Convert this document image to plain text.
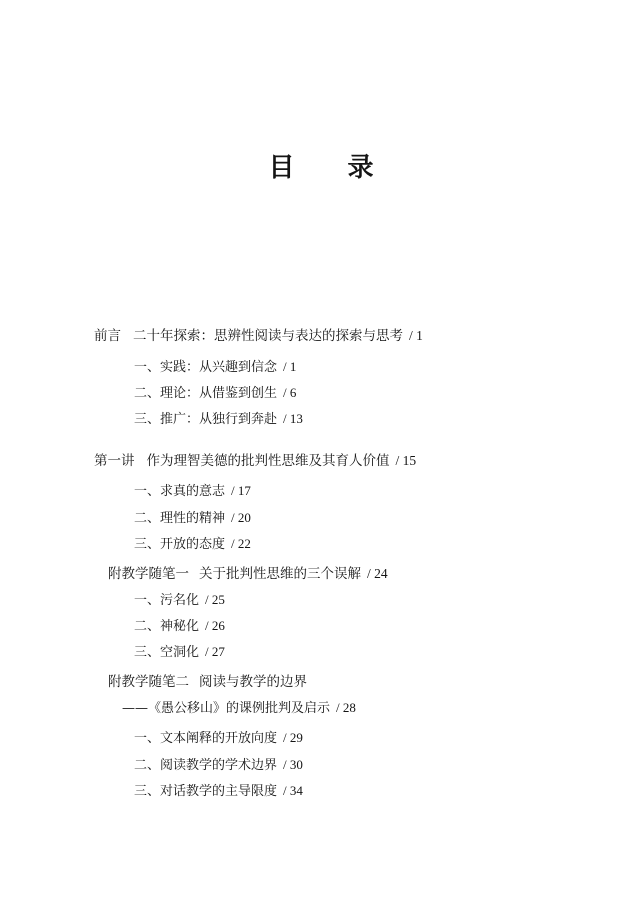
目 录
前言 二十年探索：思辨性阅读与表达的探索与思考 / 1
一、实践：从兴趣到信念 / 1
二、理论：从借鉴到创生 / 6
三、推广：从独行到奔赴 / 13
第一讲 作为理智美德的批判性思维及其育人价值 / 15
一、求真的意志 / 17
二、理性的精神 / 20
三、开放的态度 / 22
附教学随笔一 关于批判性思维的三个误解 / 24
一、污名化 / 25
二、神秘化 / 26
三、空洞化 / 27
附教学随笔二 阅读与教学的边界
——《愚公移山》的课例批判及启示 / 28
一、文本阐释的开放向度 / 29
二、阅读教学的学术边界 / 30
三、对话教学的主导限度 / 34
